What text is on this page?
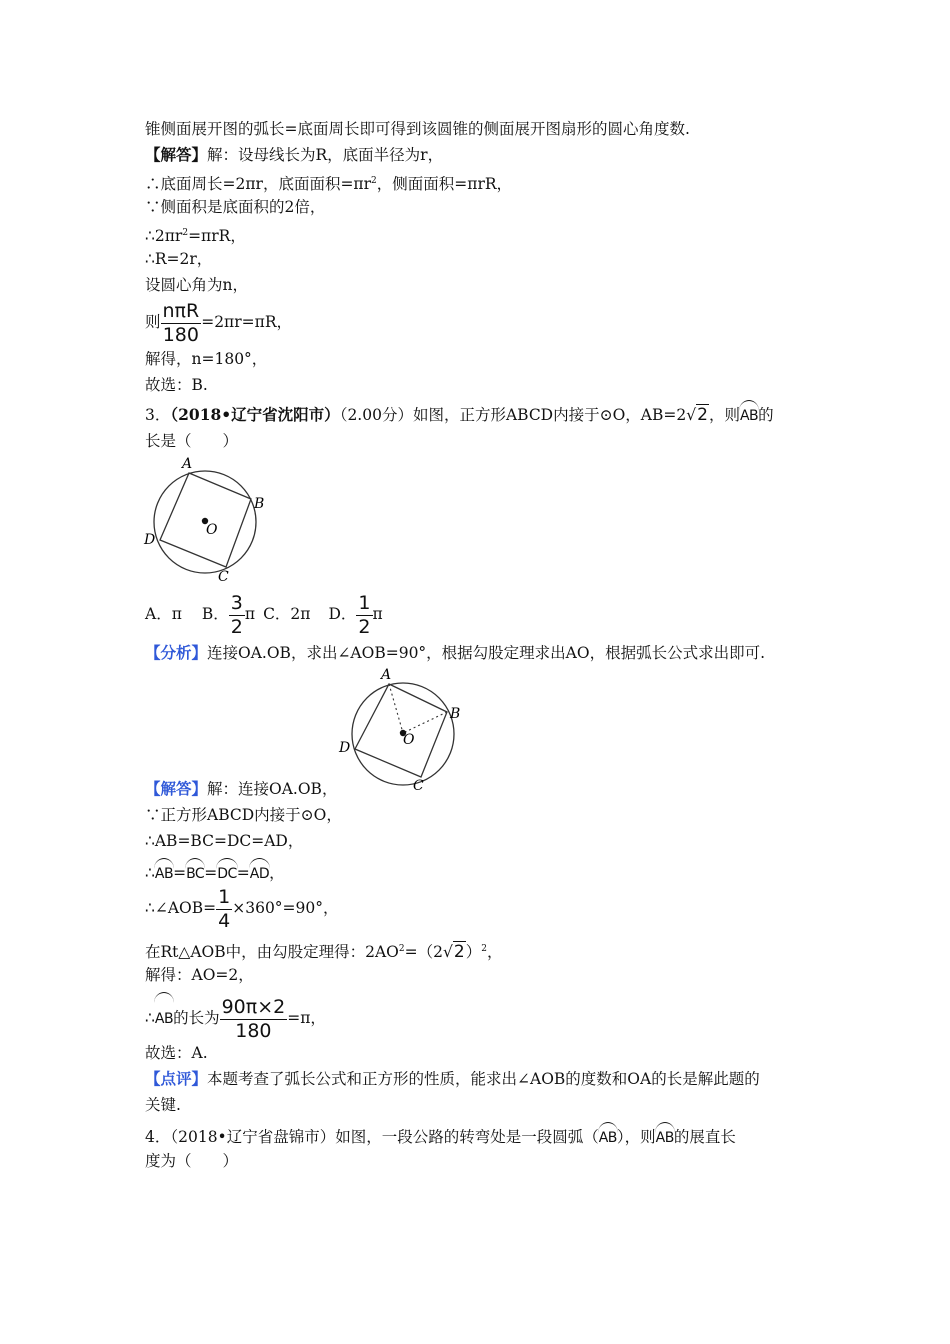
锥侧面展开图的弧长=底面周长即可得到该圆锥的侧面展开图扇形的圆心角度数.
【解答】解：设母线长为R，底面半径为r，
∴底面周长=2πr，底面面积$=\pi r^2$，侧面面积=πrR，
∵侧面积是底面积的2倍，
$\therefore 2\pi r^2=\pi rR$，
∴R=2r，
设圆心角为n，
则 $\frac{\text{nπR}}{180} =2\pi r=\pi R$，
解得，n=180°，
故选：B.
3．（2018•辽宁省沈阳市）（2.00分）如图，正方形ABCD内接于⊙O，AB=2√2，则AB的
长是（　　）
A
B
C
D
O
A．π B． $\frac{3}{2}$ π C．2π D． $\frac{1}{2}$ π
【分析】连接OA.OB，求出∠AOB=90°，根据勾股定理求出AO，根据弧长公式求出即可.
A
B
C
D	O
【解答】解：连接OA.OB，
∵正方形ABCD内接于⊙O，
∴AB=BC=DC=AD，
∴AB=BC=DC=AD，
∴∠AOB= $\frac{1}{4} \times 360^\circ=90^\circ$，
在Rt△AOB中，由勾股定理得：$2AO^2=(2√2)^2$，
解得：AO=2，
∴AB的长为 $\frac{90\pi\times 2}{180} =\pi$，
故选：A.
【点评】本题考查了弧长公式和正方形的性质，能求出∠AOB的度数和OA的长是解此题的
关键.
4．（2018•辽宁省盘锦市）如图，一段公路的转弯处是一段圆弧（AB），则AB的展直长
度为（　　）
